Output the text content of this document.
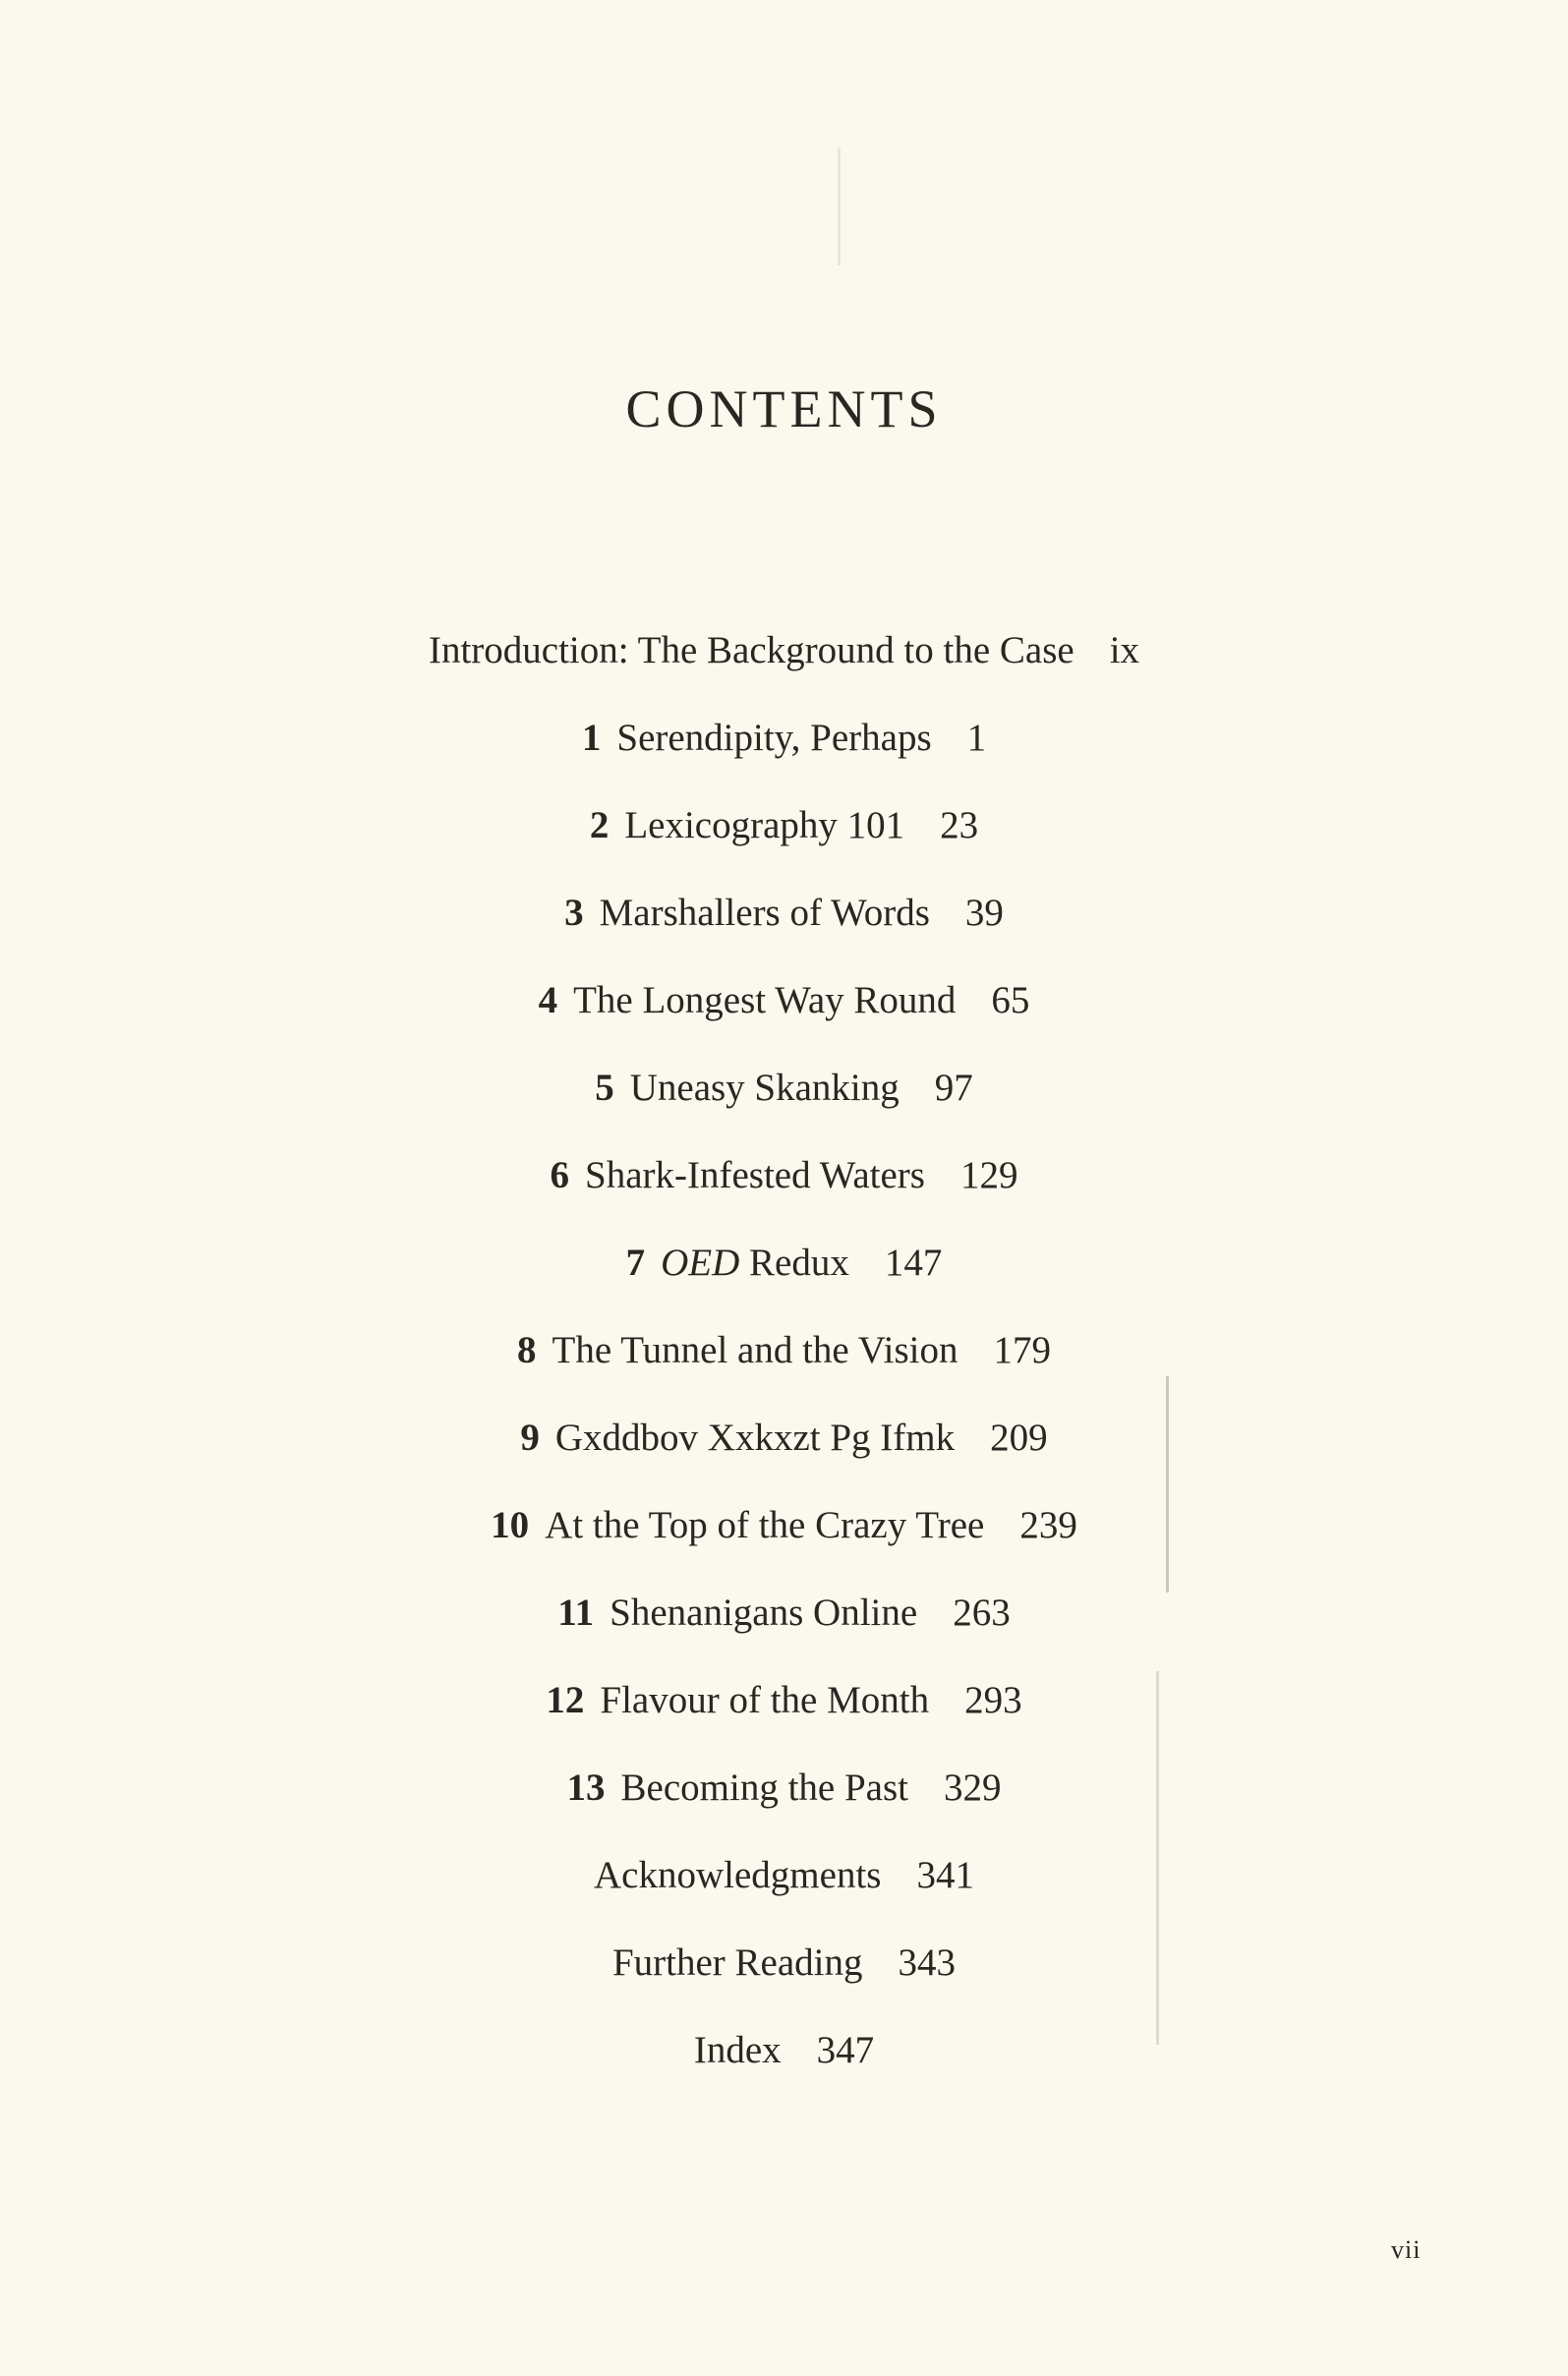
CONTENTS
Introduction: The Background to the Case ix
1 Serendipity, Perhaps 1
2 Lexicography 101 23
3 Marshallers of Words 39
4 The Longest Way Round 65
5 Uneasy Skanking 97
6 Shark-Infested Waters 129
7 OED Redux 147
8 The Tunnel and the Vision 179
9 Gxddbov Xxkxzt Pg Ifmk 209
10 At the Top of the Crazy Tree 239
11 Shenanigans Online 263
12 Flavour of the Month 293
13 Becoming the Past 329
Acknowledgments 341
Further Reading 343
Index 347
vii
